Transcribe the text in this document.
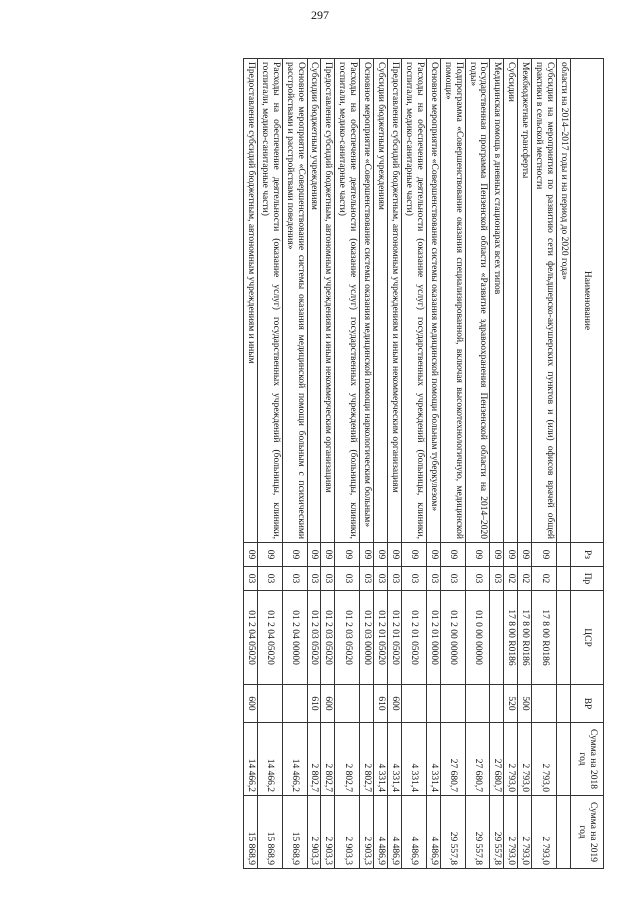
297
Наименование	Рз	Пр	ЦСР	ВР	Сумма на 2018 год	Сумма на 2019 год
области на 2014–2017 годы и на период до 2020 года»						
Субсидии на мероприятия по развитию сети фельдшерско-акушерских пунктов и (или) офисов врачей общей практики в сельской местности	09	02	17 8 00 R0186		2 793,0	2 793,0
Межбюджетные трансферты	09	02	17 8 00 R0186	500	2 793,0	2 793,0
Субсидии	09	02	17 8 00 R0186	520	2 793,0	2 793,0
Медицинская помощь в дневных стационарах всех типов	09	03			27 680,7	29 557,8
Государственная программа Пензенской области «Развитие здравоохранения Пензенской области на 2014–2020 годы»	09	03	01 0 00 00000		27 680,7	29 557,8
Подпрограмма «Совершенствование оказания специализированной, включая высокотехнологичную, медицинской помощи»	09	03	01 2 00 00000		27 680,7	29 557,8
Основное мероприятие «Совершенствование системы оказания медицинской помощи больным туберкулезом»	09	03	01 2 01 00000		4 331,4	4 486,9
Расходы на обеспечение деятельности (оказание услуг) государственных учреждений (больницы, клиники, госпитали, медико-санитарные части)	09	03	01 2 01 05020		4 331,4	4 486,9
Предоставление субсидий бюджетным, автономным учреждениям и иным некоммерческим организациям	09	03	01 2 01 05020	600	4 331,4	4 486,9
Субсидии бюджетным учреждениям	09	03	01 2 01 05020	610	4 331,4	4 486,9
Основное мероприятие «Совершенствование системы оказания медицинской помощи наркологическим больным»	09	03	01 2 03 00000		2 802,7	2 903,3
Расходы на обеспечение деятельности (оказание услуг) государственных учреждений (больницы, клиники, госпитали, медико-санитарные части)	09	03	01 2 03 05020		2 802,7	2 903,3
Предоставление субсидий бюджетным, автономным учреждениям и иным некоммерческим организациям	09	03	01 2 03 05020	600	2 802,7	2 903,3
Субсидии бюджетным учреждениям	09	03	01 2 03 05020	610	2 802,7	2 903,3
Основное мероприятие «Совершенствование системы оказания медицинской помощи больным с психическими расстройствами и расстройствами поведения»	09	03	01 2 04 00000		14 466,2	15 868,9
Расходы на обеспечение деятельности (оказание услуг) государственных учреждений (больницы, клиники, госпитали, медико-санитарные части)	09	03	01 2 04 05020		14 466,2	15 868,9
Предоставление субсидий бюджетным, автономным учреждениям и иным	09	03	01 2 04 05020	600	14 466,2	15 868,9
